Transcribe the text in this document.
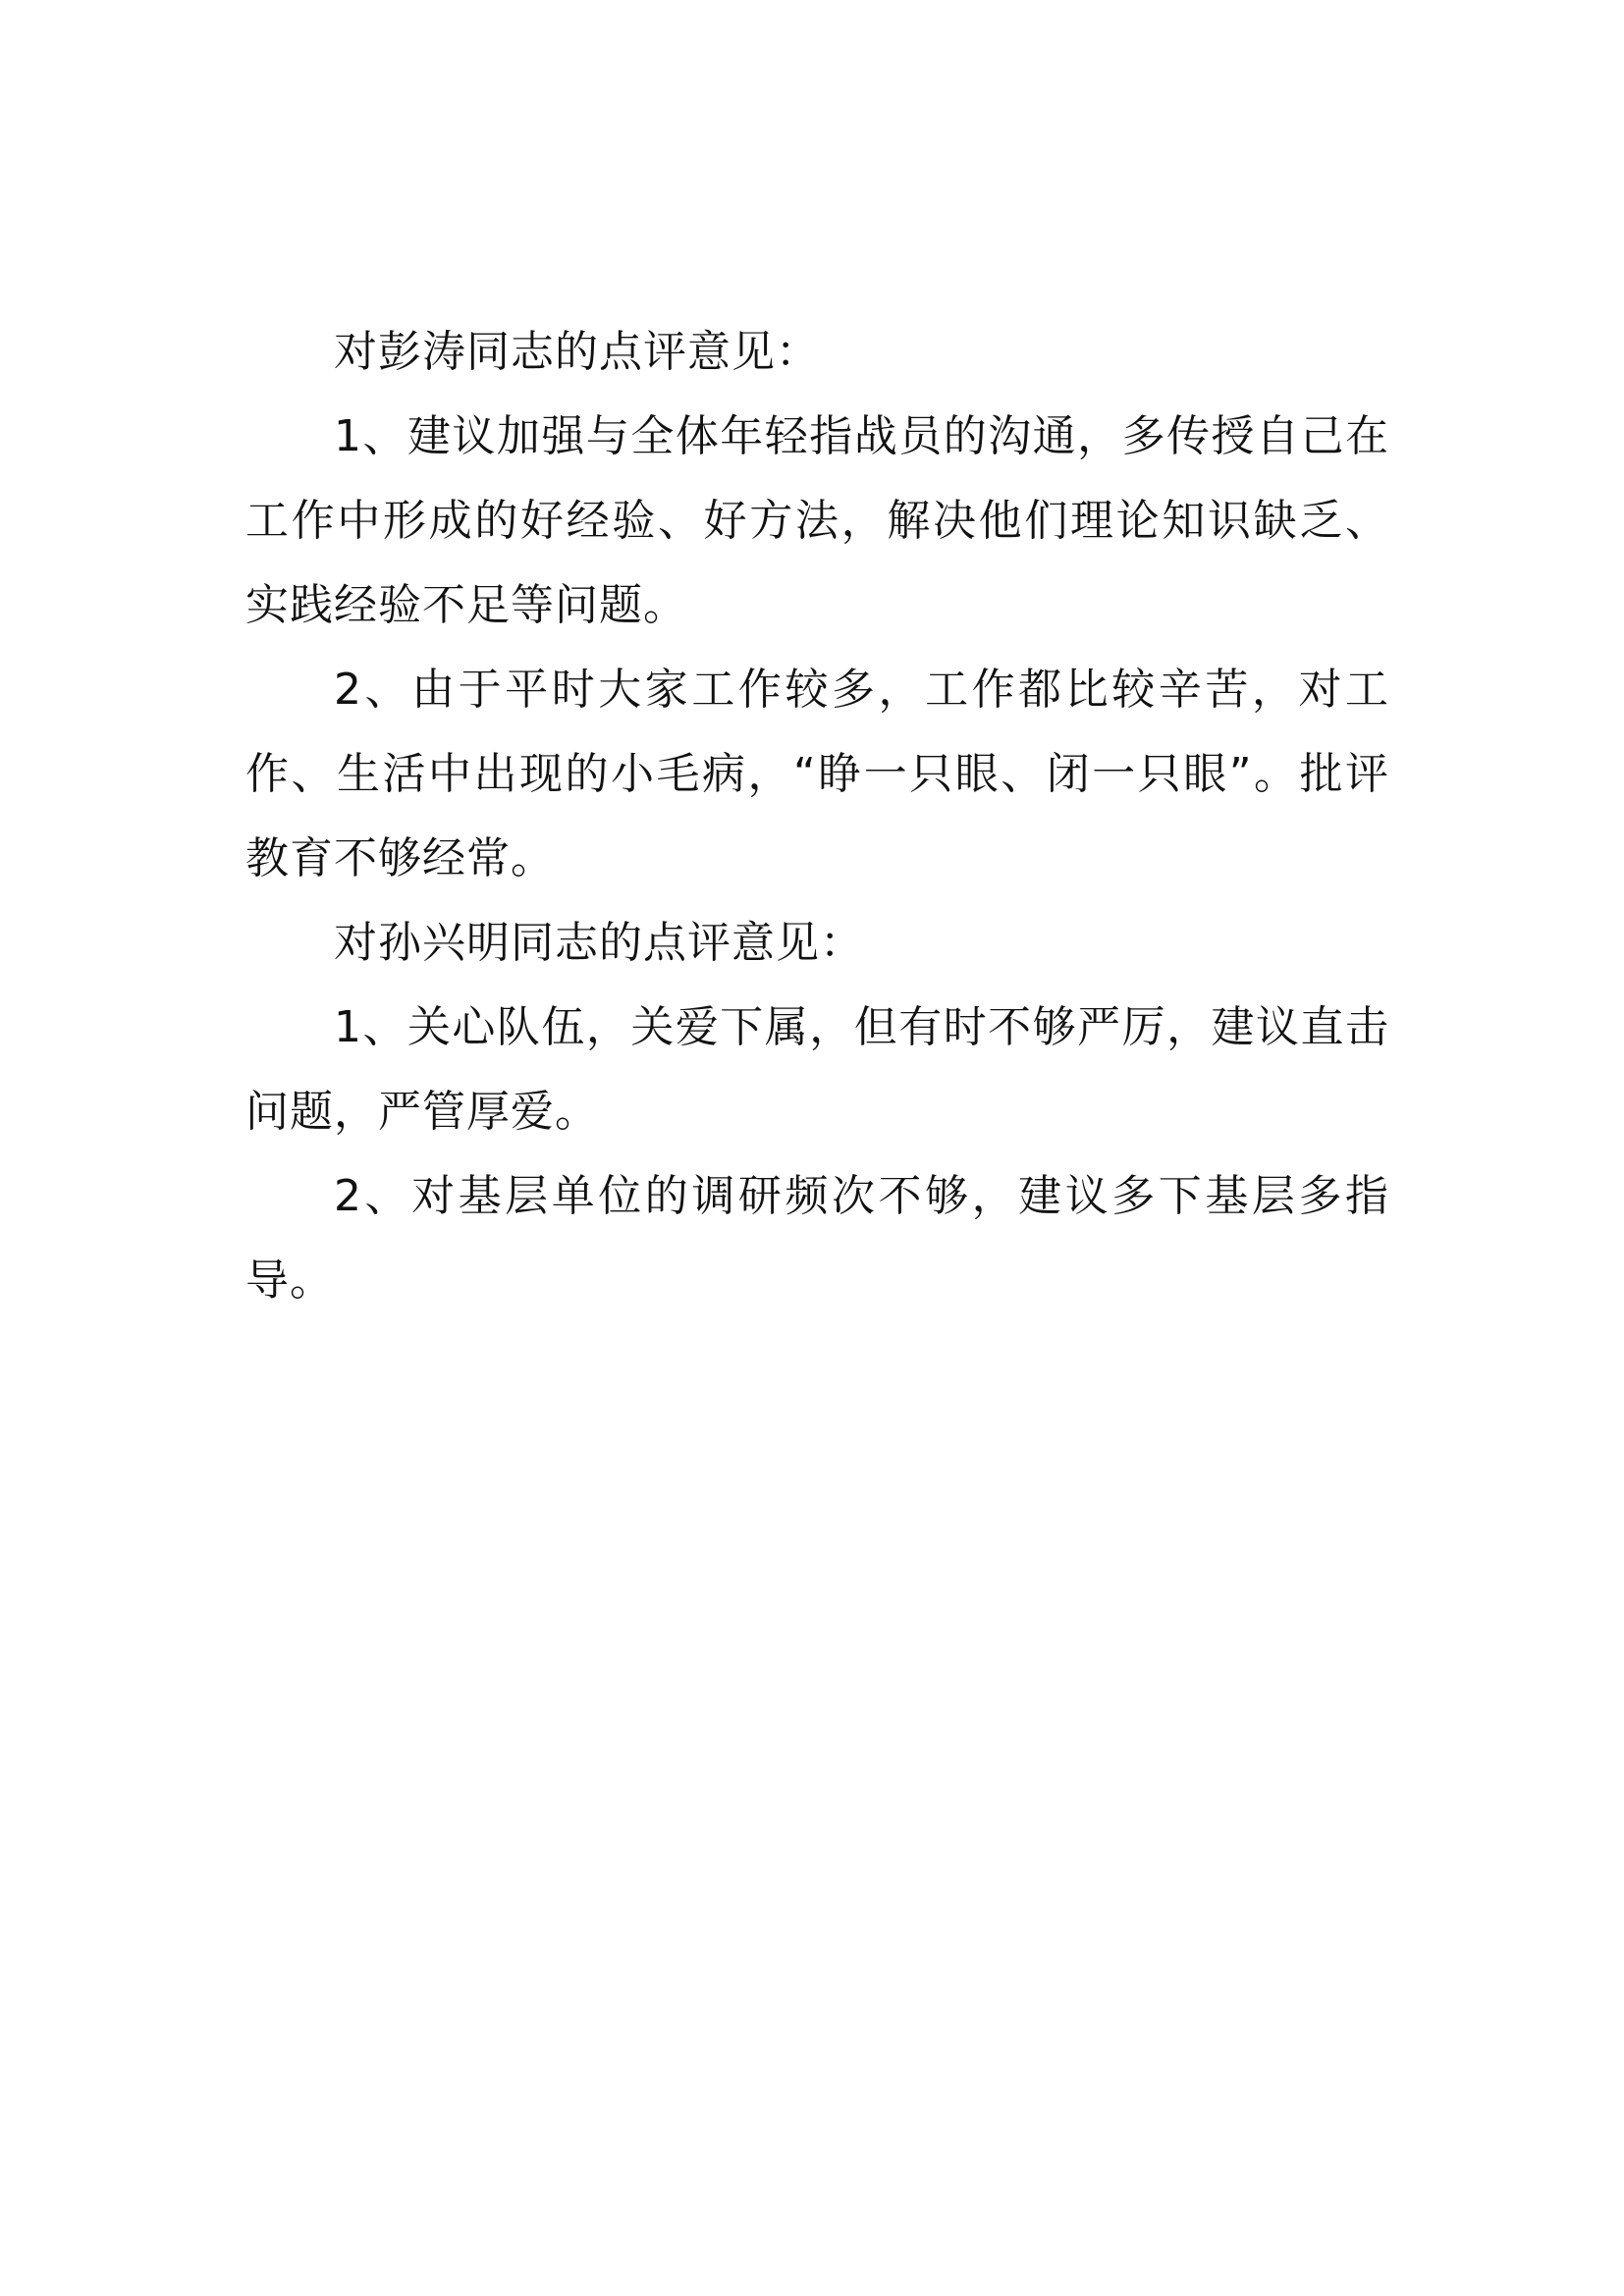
对彭涛同志的点评意见：

1、建议加强与全体年轻指战员的沟通，多传授自己在工作中形成的好经验、好方法，解决他们理论知识缺乏、实践经验不足等问题。

2、由于平时大家工作较多，工作都比较辛苦，对工作、生活中出现的小毛病，“睁一只眼、闭一只眼”。批评教育不够经常。

对孙兴明同志的点评意见：

1、关心队伍，关爱下属，但有时不够严厉，建议直击问题，严管厚爱。

2、对基层单位的调研频次不够，建议多下基层多指导。
